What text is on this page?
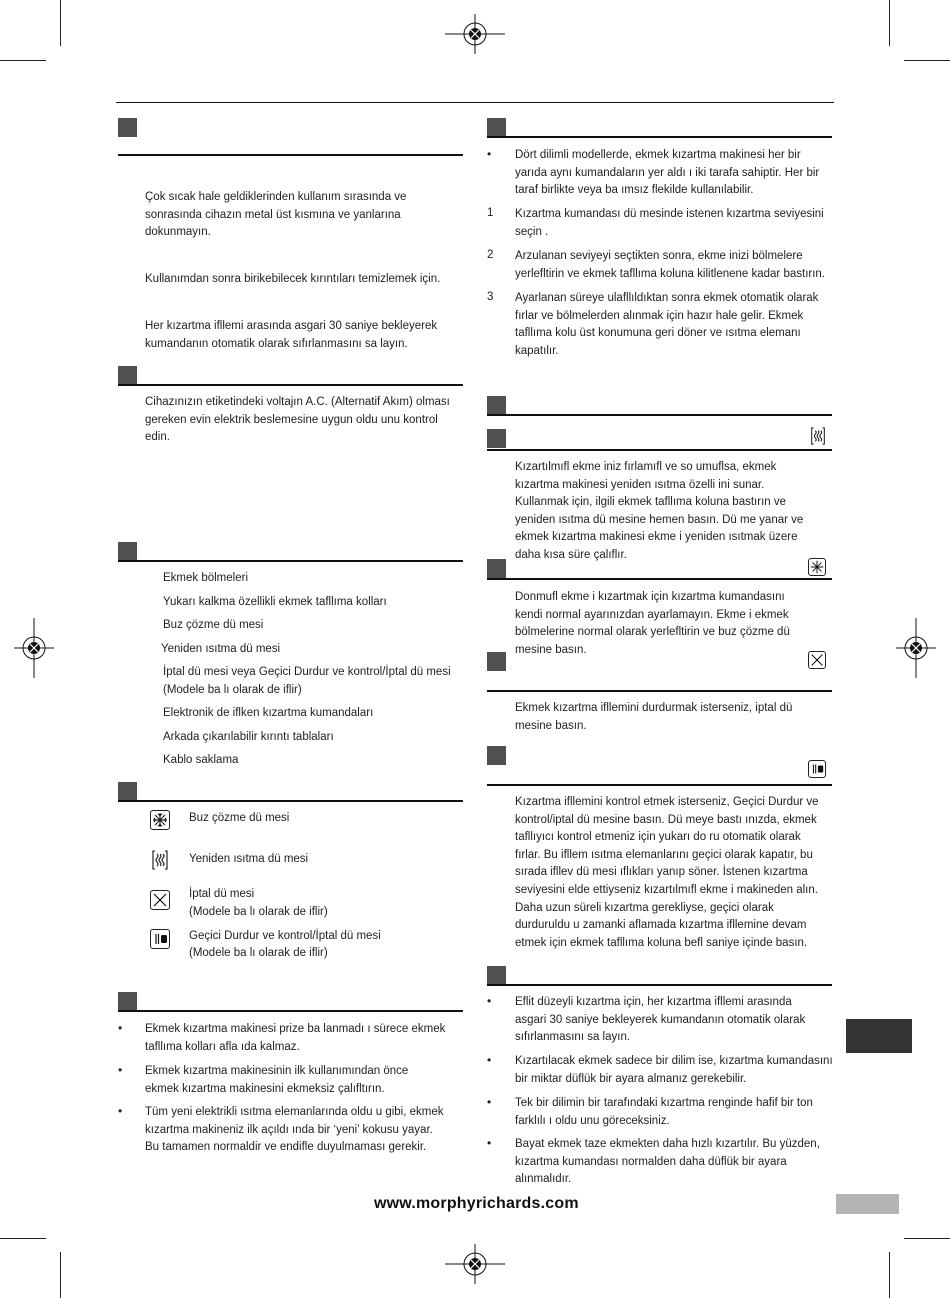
Çok sıcak hale geldiklerinden kullanım sırasında ve sonrasında cihazın metal üst kısmına ve yanlarına dokunmayın.
Kullanımdan sonra birikebilecek kırıntıları temizlemek için.
Her kızartma ifllemi arasında asgari 30 saniye bekleyerek kumandanın otomatik olarak sıfırlanmasını sa layın.
Cihazınızın etiketindeki voltajın A.C. (Alternatif Akım) olması gereken evin elektrik beslemesine uygun oldu unu kontrol edin.
Ekmek bölmeleri
Yukarı kalkma özellikli ekmek tafllıma kolları
Buz çözme dü mesi
Yeniden ısıtma dü mesi
İptal dü mesi veya Geçici Durdur ve kontrol/İptal dü mesi
(Modele ba lı olarak de iflir)
Elektronik de iflken kızartma kumandaları
Arkada çıkarılabilir kırıntı tablaları
Kablo saklama
Buz çözme dü mesi
Yeniden ısıtma dü mesi
İptal dü mesi
(Modele ba lı olarak de iflir)
Geçici Durdur ve kontrol/İptal dü mesi
(Modele ba lı olarak de iflir)
• Ekmek kızartma makinesi prize ba lanmadı ı sürece ekmek tafllıma kolları afla ıda kalmaz.
• Ekmek kızartma makinesinin ilk kullanımından önce ekmek kızartma makinesini ekmeksiz çalıfltırın.
• Tüm yeni elektrikli ısıtma elemanlarında oldu u gibi, ekmek kızartma makineniz ilk açıldı ında bir ‘yeni’ kokusu yayar. Bu tamamen normaldir ve endifle duyulmaması gerekir.
• Dört dilimli modellerde, ekmek kızartma makinesi her bir yarıda aynı kumandaların yer aldı ı iki tarafa sahiptir. Her bir taraf birlikte veya ba ımsız flekilde kullanılabilir.
1 Kızartma kumandası dü mesinde istenen kızartma seviyesini seçin .
2 Arzulanan seviyeyi seçtikten sonra, ekme inizi bölmelere yerlefltirin ve ekmek tafllıma koluna kilitlenene kadar bastırın.
3 Ayarlanan süreye ulafllıldıktan sonra ekmek otomatik olarak fırlar ve bölmelerden alınmak için hazır hale gelir. Ekmek tafllıma kolu üst konumuna geri döner ve ısıtma elemanı kapatılır.
Kızartılmıfl ekme iniz fırlamıfl ve so umuflsa, ekmek kızartma makinesi yeniden ısıtma özelli ini sunar. Kullanmak için, ilgili ekmek tafllıma koluna bastırın ve yeniden ısıtma dü mesine hemen basın. Dü me yanar ve ekmek kızartma makinesi ekme i yeniden ısıtmak üzere daha kısa süre çalıflır.
Donmufl ekme i kızartmak için kızartma kumandasını kendi normal ayarınızdan ayarlamayın. Ekme i ekmek bölmelerine normal olarak yerlefltirin ve buz çözme dü mesine basın.
Ekmek kızartma ifllemini durdurmak isterseniz, iptal dü mesine basın.
Kızartma ifllemini kontrol etmek isterseniz, Geçici Durdur ve kontrol/iptal dü mesine basın. Dü meye bastı ınızda, ekmek tafllıyıcı kontrol etmeniz için yukarı do ru otomatik olarak fırlar. Bu ifllem ısıtma elemanlarını geçici olarak kapatır, bu sırada ifllev dü mesi ıflıkları yanıp söner. İstenen kızartma seviyesini elde ettiyseniz kızartılmıfl ekme i makineden alın. Daha uzun süreli kızartma gerekliyse, geçici olarak durduruldu u zamanki aflamada kızartma ifllemine devam etmek için ekmek tafllıma koluna befl saniye içinde basın.
• Eflit düzeyli kızartma için, her kızartma ifllemi arasında asgari 30 saniye bekleyerek kumandanın otomatik olarak sıfırlanmasını sa layın.
• Kızartılacak ekmek sadece bir dilim ise, kızartma kumandasını bir miktar düflük bir ayara almanız gerekebilir.
• Tek bir dilimin bir tarafındaki kızartma renginde hafif bir ton farklılı ı oldu unu göreceksiniz.
• Bayat ekmek taze ekmekten daha hızlı kızartılır. Bu yüzden, kızartma kumandası normalden daha düflük bir ayara alınmalıdır.
www.morphyrichards.com
